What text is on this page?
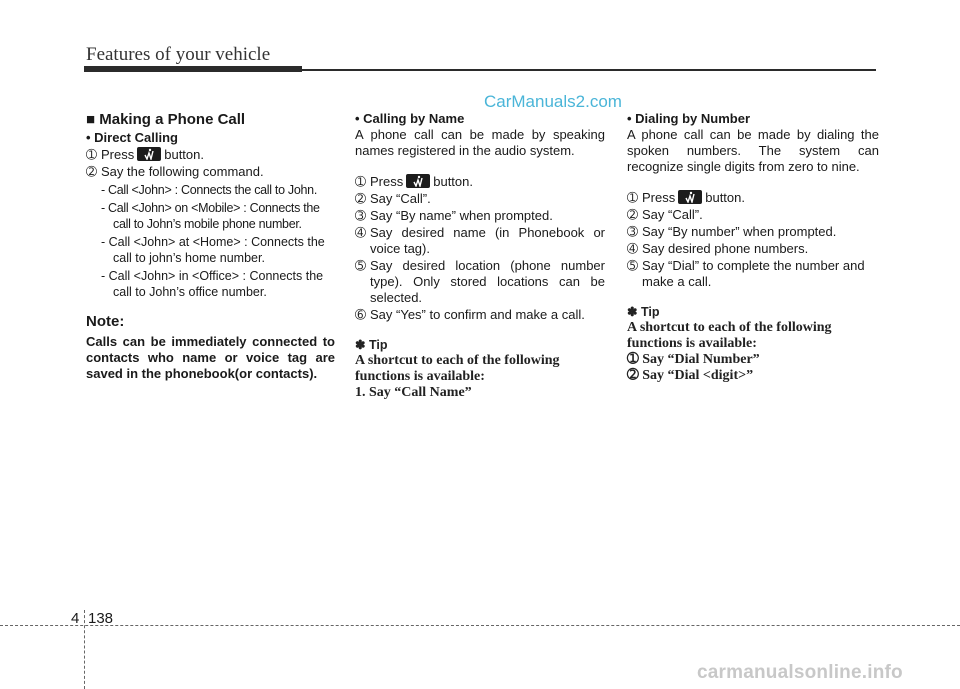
Features of your vehicle
CarManuals2.com
■ Making a Phone Call
• Direct Calling
➀ Press button.
➁ Say the following command.
- Call <John> : Connects the call to John.
- Call <John> on <Mobile> : Connects the call to John’s mobile phone number.
- Call <John> at <Home> : Connects the call to john’s home number.
- Call <John> in <Office> : Connects the call to John’s office number.
Note:
Calls can be immediately connected to contacts who name or voice tag are saved in the phonebook(or contacts).
• Calling by Name
A phone call can be made by speaking names registered in the audio system.
➀ Press button.
➁ Say “Call”.
➂ Say “By name” when prompted.
➃ Say desired name (in Phonebook or voice tag).
➄ Say desired location (phone number type). Only stored locations can be selected.
➅ Say “Yes” to confirm and make a call.
✽ Tip
A shortcut to each of the following functions is available:
1. Say “Call Name”
• Dialing by Number
A phone call can be made by dialing the spoken numbers. The system can recognize single digits from zero to nine.
➀ Press button.
➁ Say “Call”.
➂ Say “By number” when prompted.
➃ Say desired phone numbers.
➄ Say “Dial” to complete the number and make a call.
✽ Tip
A shortcut to each of the following functions is available:
➀ Say “Dial Number”
➁ Say “Dial <digit>”
4 138
carmanualsonline.info
